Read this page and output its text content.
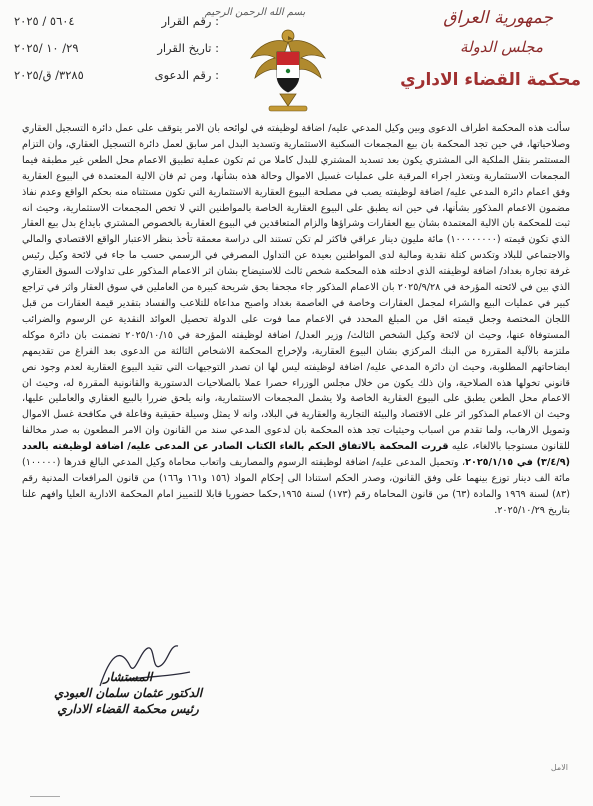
بسم الله الرحمن الرحيم
٥٦٠٤ / ٢٠٢٥	رقم القرار :
٢٩/ ١٠ /٢٠٢٥	تاريخ القرار :
٣٢٨٥/ ق/٢٠٢٥	رقم الدعوى :
جمهورية العراق
مجلس الدولة
محكمة القضاء الاداري

سألت هذه المحكمة اطراف الدعوى وبين وكيل المدعي عليه/ اضافة لوظيفته في لوائحه بان الامر يتوقف على عمل دائرة التسجيل العقاري وصلاحياتها، في حين تجد المحكمة بان بيع المجمعات السكنية الاستثمارية وتسديد البدل امر سابق لعمل دائرة التسجيل العقاري، وان التزام المستثمر بنقل الملكية الى المشتري يكون بعد تسديد المشتري للبدل كاملا من ثم تكون عملية تطبيق الاعمام محل الطعن غير مطبقة فيما المجمعات الاستثمارية وبتعذر اجراء المرقبة على عمليات غسيل الاموال وحالة هذه بشأنها، ومن ثم فان الالية المعتمدة في البيوع العقارية وفق اعمام دائرة المدعي عليه/ اضافة لوظيفته يصب في مصلحة البيوع العقارية الاستثمارية التي تكون مستثناه منه بحكم الواقع وعدم نفاذ مضمون الاعمام المذكور بشأنها، في حين انه يطبق على البيوع العقارية الخاصة بالمواطنين التي لا تخص المجمعات الاستثمارية، وحيث انه ثبت للمحكمة بان الالية المعتمدة بشان بيع العقارات وشراؤها والزام المتعاقدين في البيوع العقارية بالخصوص المشتري بايداع بدل بيع العقار الذي تكون قيمته (١٠٠٠٠٠٠٠٠) مائة مليون دينار عراقي فاكثر لم تكن تستند الى دراسة معمقة تأخذ بنظر الاعتبار الواقع الاقتصادي والمالي والاجتماعي للبلاد وتكدس كتلة نقدية ومالية لدى المواطنين بعيدة عن التداول المصرفي في الرسمي حسب ما جاء في لائحة وكيل رئيس غرفة تجارة بغداد/ اضافة لوظيفته الذي ادخلته هذه المحكمة شخص ثالث للاستيضاح بشان اثر الاعمام المذكور على تداولات السوق العقاري الذي بين في لائحته المؤرخة في ٢٠٢٥/٩/٢٨ بان الاعمام المذكور جاء مجحفا بحق شريحة كبيرة من العاملين في سوق العقار واثر في تراجع كبير في عمليات البيع والشراء لمجمل العقارات وخاصة في العاصمة بغداد واصبح مداعاة للتلاعب والفساد بتقدير قيمة العقارات من قبل اللجان المختصة وجعل قيمته اقل من المبلغ المحدد في الاعمام مما فوت على الدولة تحصيل العوائد النقدية عن الرسوم والضرائب المستوفاة عنها، وحيث ان لائحة وكيل الشخص الثالث/ وزير العدل/ اضافة لوظيفته المؤرخة في ٢٠٢٥/١٠/١٥ تضمنت بان دائرة موكله ملتزمة بالآلية المقررة من البنك المركزي بشان البيوع العقارية، ولإخراج المحكمة الاشخاص الثالثة من الدعوى بعد الفراغ من تقديمهم ايضاحاتهم المطلوبة، وحيث ان دائرة المدعي عليه/ اضافة لوظيفته ليس لها ان تصدر التوجيهات التي تقيد البيوع العقارية لعدم وجود نص قانوني تخولها هذه الصلاحية، وان ذلك يكون من خلال مجلس الوزراء حصرا عملا بالصلاحيات الدستورية والقانونية المقررة له، وحيث ان الاعمام محل الطعن يطبق على البيوع العقارية الخاصة ولا يشمل المجمعات الاستثمارية، وانه يلحق ضررا بالبيع العقاري والعاملين عليها، وحيث ان الاعمام المذكور اثر على الاقتصاد والبيئة التجارية والعقارية في البلاد، وانه لا يمثل وسيلة حقيقية وفاعلة في مكافحة غسل الاموال وتمويل الارهاب، ولما تقدم من اسباب وحيثيات تجد هذه المحكمة بان لدعوى المدعي سند من القانون وان الامر المطعون به صدر مخالفا للقانون مستوجبا بالالغاء، عليه قررت المحكمة بالاتفاق الحكم بالغاء الكتاب الصادر عن المدعى عليه/ اضافة لوظيفته بالعدد (٣/٤/٩) في ٢٠٢٥/١/١٥، وتحميل المدعى عليه/ اضافة لوظيفته الرسوم والمصاريف واتعاب محاماة وكيل المدعي البالغ قدرها (١٠٠٠٠٠) مائة الف دينار توزع بينهما على وفق القانون، وصدر الحكم استنادا الى إحكام المواد (١٥٦ و١٦١ و١٦٦) من قانون المرافعات المدنية رقم (٨٣) لسنة ١٩٦٩ والمادة (٦٣) من قانون المحاماة رقم (١٧٣) لسنة ١٩٦٥,حكما حضوريا قابلا للتمييز امام المحكمة الادارية العليا وافهم علنا بتاريخ ٢٠٢٥/١٠/٢٩.

المستشار
الدكتور عثمان سلمان العبودي
رئيس محكمة القضاء الاداري
الامل
